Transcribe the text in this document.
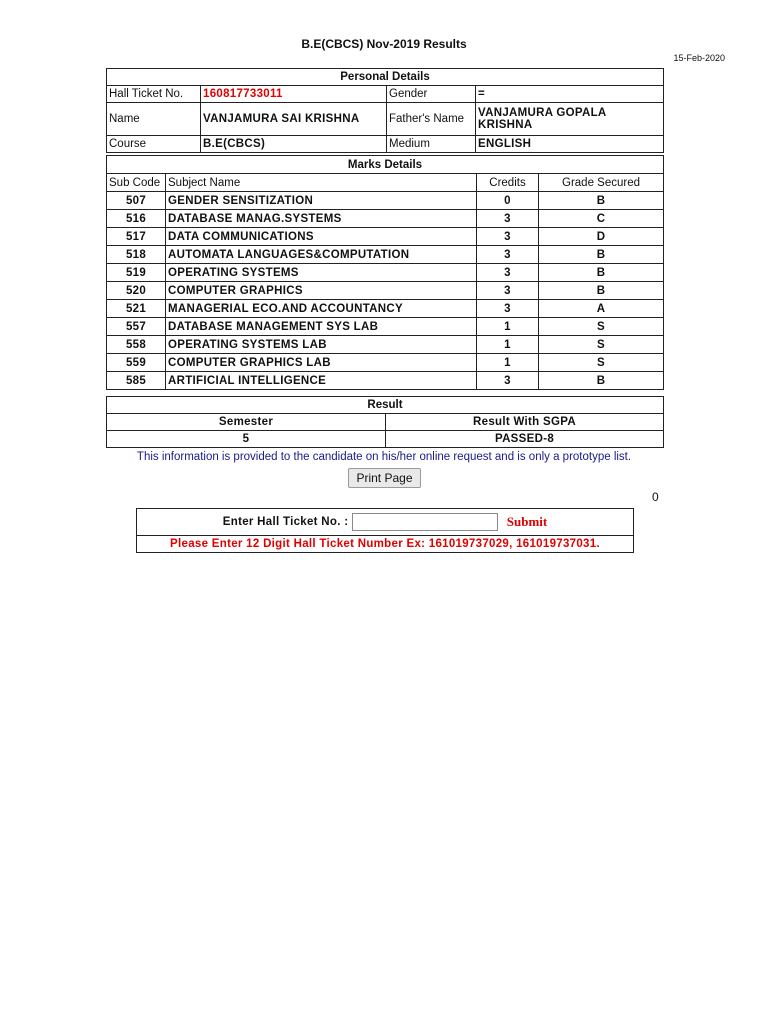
B.E(CBCS) Nov-2019 Results
15-Feb-2020
Personal Details			
Hall Ticket No.	160817733011	Gender	=
Name	VANJAMURA SAI KRISHNA	Father's Name	VANJAMURA GOPALA KRISHNA
Course	B.E(CBCS)	Medium	ENGLISH
Marks Details			
Sub Code	Subject Name	Credits	Grade Secured
507	GENDER SENSITIZATION	0	B
516	DATABASE MANAG.SYSTEMS	3	C
517	DATA COMMUNICATIONS	3	D
518	AUTOMATA LANGUAGES&COMPUTATION	3	B
519	OPERATING SYSTEMS	3	B
520	COMPUTER GRAPHICS	3	B
521	MANAGERIAL ECO.AND ACCOUNTANCY	3	A
557	DATABASE MANAGEMENT SYS LAB	1	S
558	OPERATING SYSTEMS LAB	1	S
559	COMPUTER GRAPHICS LAB	1	S
585	ARTIFICIAL INTELLIGENCE	3	B
Result	
Semester	Result With SGPA
5	PASSED-8
This information is provided to the candidate on his/her online request and is only a prototype list.
Print Page
0
Enter Hall Ticket No. :	Submit
Please Enter 12 Digit Hall Ticket Number Ex: 161019737029, 161019737031.
